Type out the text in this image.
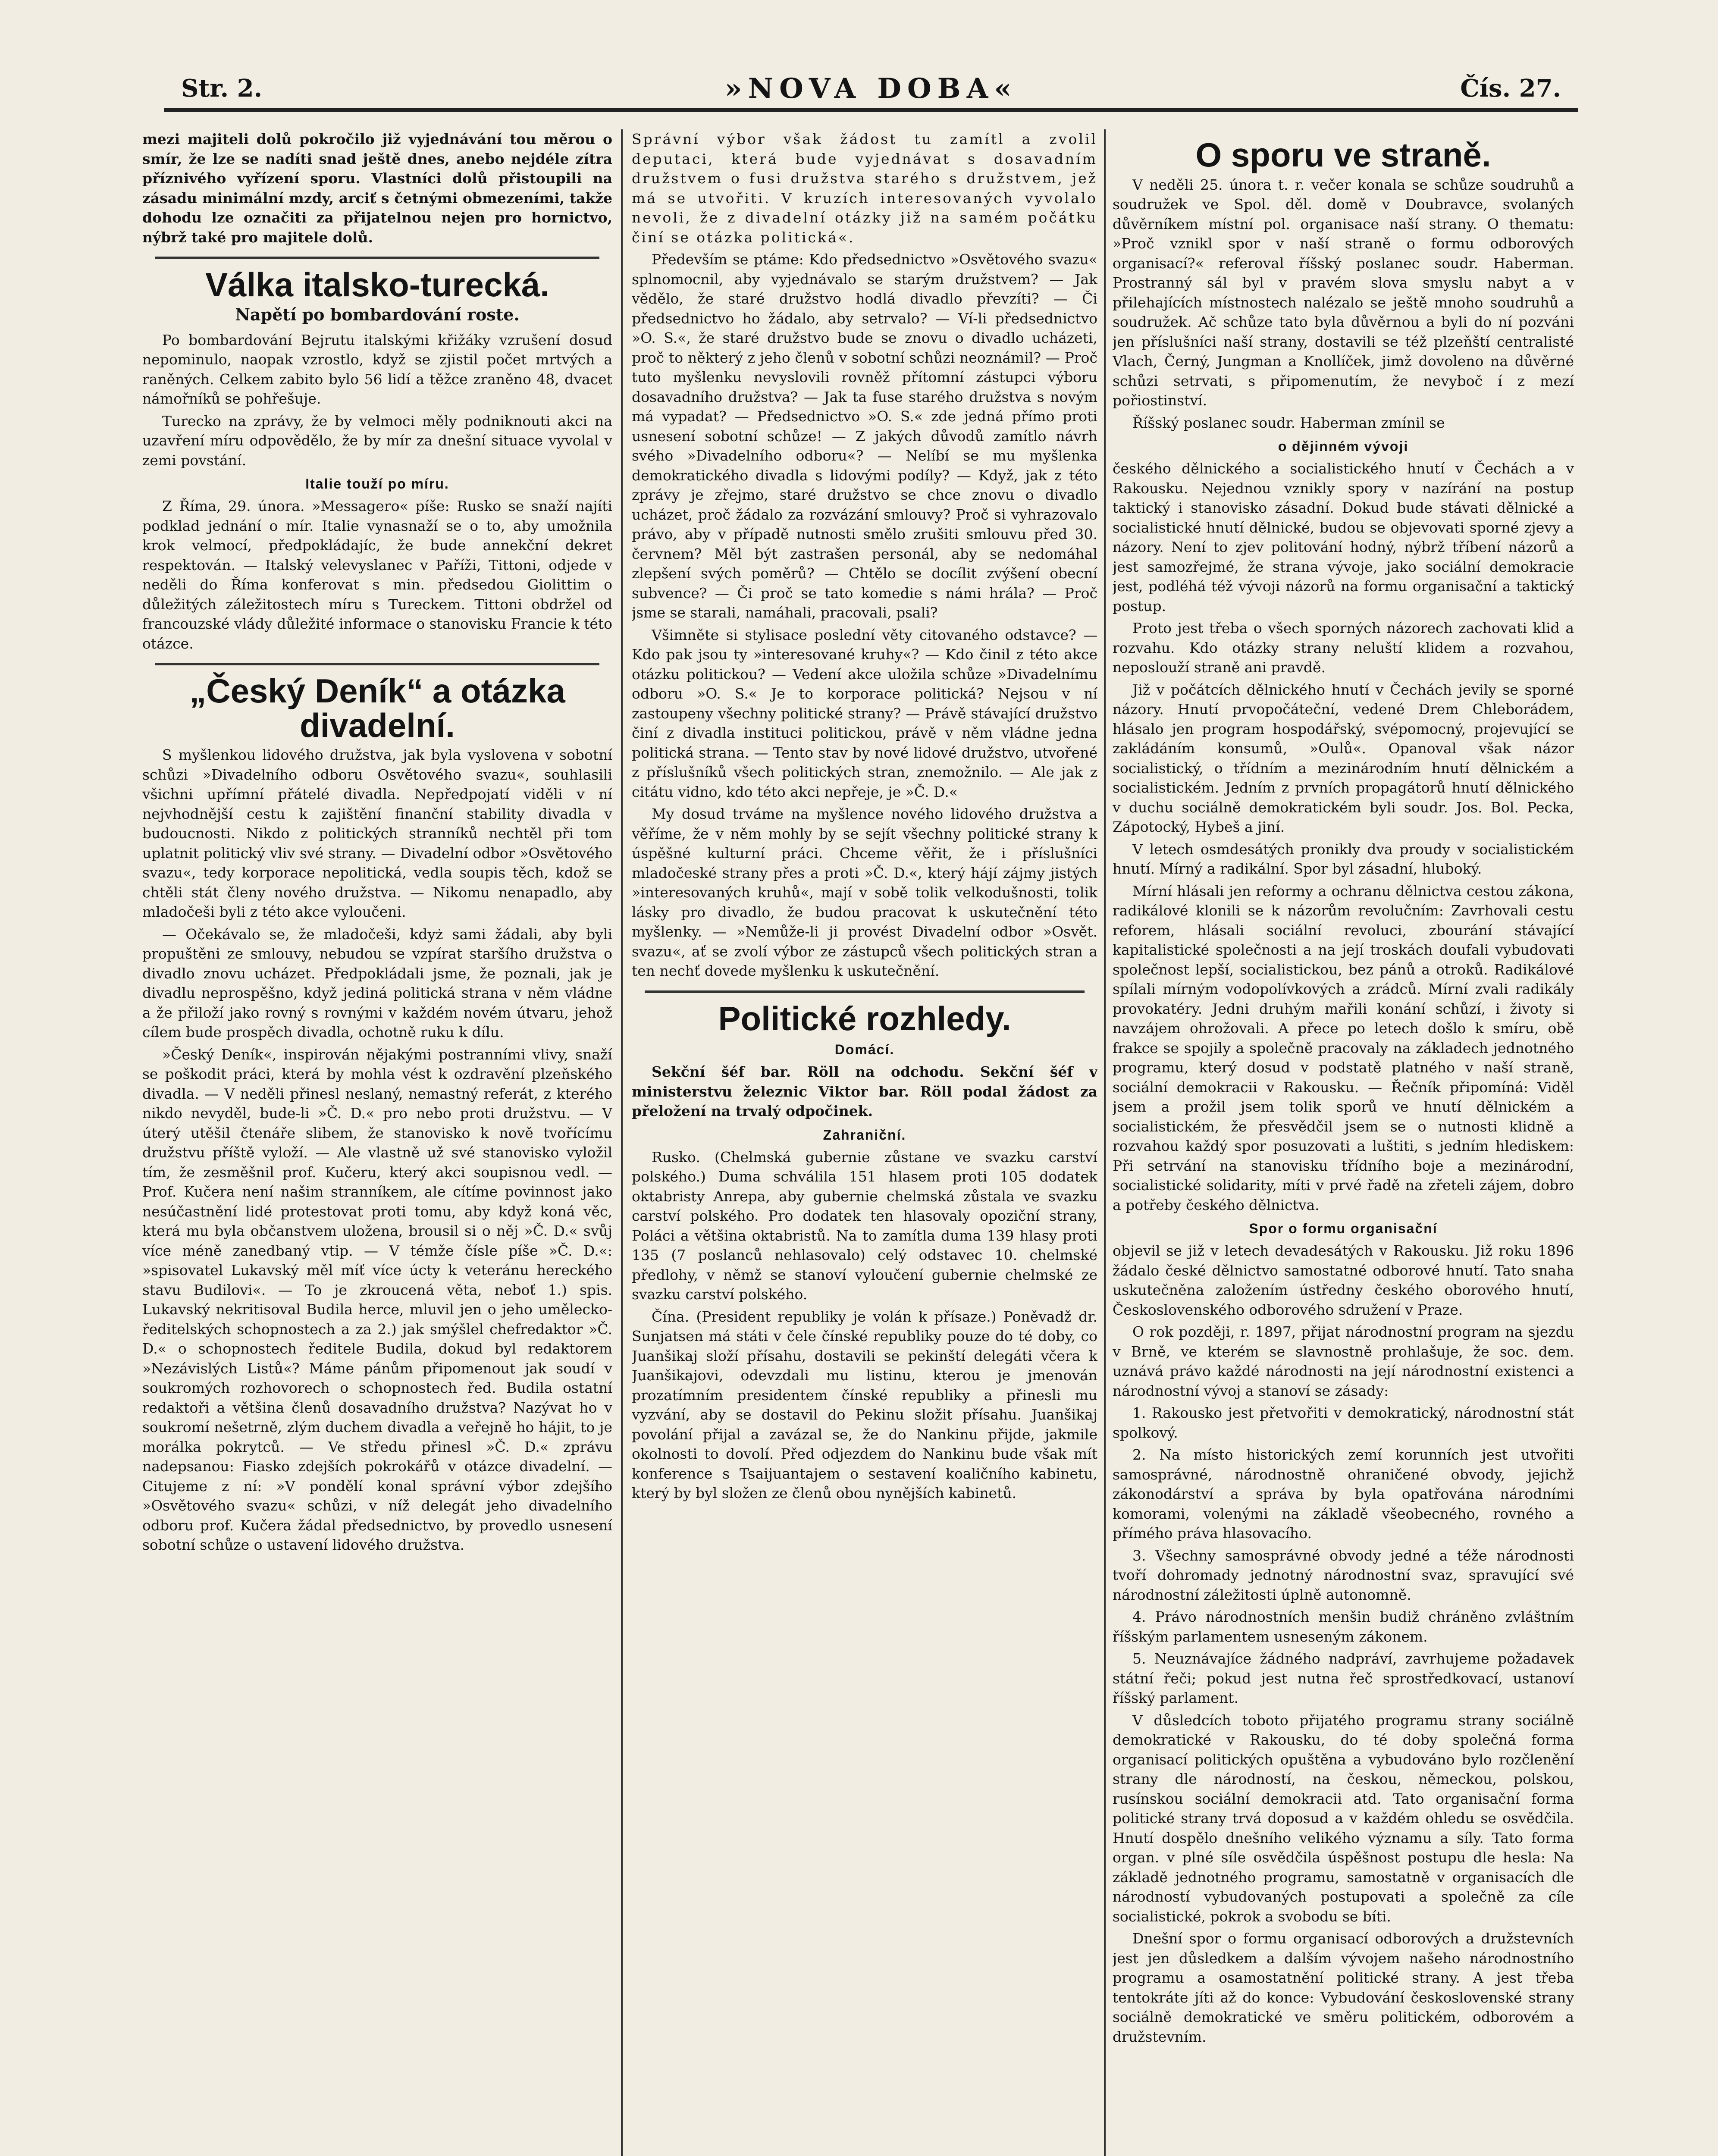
Str. 2.	»NOVA DOBA«	Čís. 27.

mezi majiteli dolů pokročilo již vyjednávání tou měrou o smír, že lze se nadíti snad ještě dnes, anebo nejdéle zítra příznivého vyřízení sporu. Vlastníci dolů přistoupili na zásadu minimální mzdy, arciť s četnými obmezeními, takže dohodu lze označiti za přijatelnou nejen pro hornictvo, nýbrž také pro majitele dolů.

Válka italsko-turecká.
Napětí po bombardování roste.

Po bombardování Bejrutu italskými křižáky vzrušení dosud nepominulo, naopak vzrostlo, když se zjistil počet mrtvých a raněných. Celkem zabito bylo 56 lidí a těžce zraněno 48, dvacet námořníků se pohřešuje.

Turecko na zprávy, že by velmoci měly podniknouti akci na uzavření míru odpovědělo, že by mír za dnešní situace vyvolal v zemi povstání.

Italie touží po míru.

Z Říma, 29. února. »Messagero« píše: Rusko se snaží najíti podklad jednání o mír. Italie vynasnaží se o to, aby umožnila krok velmocí, předpokládajíc, že bude annekční dekret respektován. — Italský velevyslanec v Paříži, Tittoni, odjede v neděli do Říma konferovat s min. předsedou Giolittim o důležitých záležitostech míru s Tureckem. Tittoni obdržel od francouzské vlády důležité informace o stanovisku Francie k této otázce.

„Český Deník“ a otázka divadelní.

S myšlenkou lidového družstva, jak byla vyslovena v sobotní schůzi »Divadelního odboru Osvětového svazu«, souhlasili všichni upřímní přátelé divadla. Nepředpojatí viděli v ní nejvhodnější cestu k zajištění finanční stability divadla v budoucnosti. Nikdo z politických stranníků nechtěl při tom uplatnit politický vliv své strany. — Divadelní odbor »Osvětového svazu«, tedy korporace nepolitická, vedla soupis těch, kdož se chtěli stát členy nového družstva. — Nikomu nenapadlo, aby mladočeši byli z této akce vyloučeni.

— Očekávalo se, že mladočeši, kdyż sami žádali, aby byli propuštěni ze smlouvy, nebudou se vzpírat staršího družstva o divadlo znovu ucházet. Předpokládali jsme, že poznali, jak je divadlu neprospěšno, když jediná politická strana v něm vládne a že přiloží jako rovný s rovnými v každém novém útvaru, jehož cílem bude prospěch divadla, ochotně ruku k dílu.

»Český Deník«, inspirován nějakými postranními vlivy, snaží se poškodit práci, která by mohla vést k ozdravění plzeňského divadla. — V neděli přinesl neslaný, nemastný referát, z kterého nikdo nevyděl, bude-li »Č. D.« pro nebo proti družstvu. — V úterý utěšil čtenáře slibem, že stanovisko k nově tvořícímu družstvu příště vyloží. — Ale vlastně už své stanovisko vyložil tím, že zesměšnil prof. Kučeru, který akci soupisnou vedl. — Prof. Kučera není našim stranníkem, ale cítíme povinnost jako nesúčastnění lidé protestovat proti tomu, aby když koná věc, která mu byla občanstvem uložena, brousil si o něj »Č. D.« svůj více méně zanedbaný vtip. — V témže čísle píše »Č. D.«: »spisovatel Lukavský měl míť více úcty k veteránu hereckého stavu Budilovi«. — To je zkroucená věta, neboť 1.) spis. Lukavský nekritisoval Budila herce, mluvil jen o jeho umělecko-ředitelských schopnostech a za 2.) jak smýšlel chefredaktor »Č. D.« o schopnostech ředitele Budila, dokud byl redaktorem »Nezávislých Listů«? Máme pánům připomenout jak soudí v soukromých rozhovorech o schopnostech řed. Budila ostatní redaktoři a většina členů dosavadního družstva? Nazývat ho v soukromí nešetrně, zlým duchem divadla a veřejně ho hájit, to je morálka pokrytců. — Ve středu přinesl »Č. D.« zprávu nadepsanou: Fiasko zdejších pokrokářů v otázce divadelní. — Citujeme z ní: »V pondělí konal správní výbor zdejšího »Osvětového svazu« schůzi, v níž delegát jeho divadelního odboru prof. Kučera žádal předsednictvo, by provedlo usnesení sobotní schůze o ustavení lidového družstva.

Správní výbor však žádost tu zamítl a zvolil deputaci, která bude vyjednávat s dosavadním družstvem o fusi družstva starého s družstvem, jež má se utvořiti. V kruzích interesovaných vyvolalo nevoli, že z divadelní otázky již na samém počátku činí se otázka politická«.

Především se ptáme: Kdo předsednictvo »Osvětového svazu« splnomocnil, aby vyjednávalo se starým družstvem? — Jak vědělo, že staré družstvo hodlá divadlo převzíti? — Či předsednictvo ho žádalo, aby setrvalo? — Ví-li předsednictvo »O. S.«, že staré družstvo bude se znovu o divadlo ucházeti, proč to některý z jeho členů v sobotní schůzi neoznámil? — Proč tuto myšlenku nevyslovili rovněž přítomní zástupci výboru dosavadního družstva? — Jak ta fuse starého družstva s novým má vypadat? — Předsednictvo »O. S.« zde jedná přímo proti usnesení sobotní schůze! — Z jakých důvodů zamítlo návrh svého »Divadelního odboru«? — Nelíbí se mu myšlenka demokratického divadla s lidovými podíly? — Když, jak z této zprávy je zřejmo, staré družstvo se chce znovu o divadlo ucházet, proč žádalo za rozvázání smlouvy? Proč si vyhrazovalo právo, aby v případě nutnosti smělo zrušiti smlouvu před 30. červnem? Měl být zastrašen personál, aby se nedomáhal zlepšení svých poměrů? — Chtělo se docílit zvýšení obecní subvence? — Či proč se tato komedie s námi hrála? — Proč jsme se starali, namáhali, pracovali, psali?

Všimněte si stylisace poslední věty citovaného odstavce? — Kdo pak jsou ty »interesované kruhy«? — Kdo činil z této akce otázku politickou? — Vedení akce uložila schůze »Divadelnímu odboru »O. S.« Je to korporace politická? Nejsou v ní zastoupeny všechny politické strany? — Právě stávající družstvo činí z divadla instituci politickou, právě v něm vládne jedna politická strana. — Tento stav by nové lidové družstvo, utvořené z příslušníků všech politických stran, znemožnilo. — Ale jak z citátu vidno, kdo této akci nepřeje, je »Č. D.«

My dosud trváme na myšlence nového lidového družstva a věříme, že v něm mohly by se sejít všechny politické strany k úspěšné kulturní práci. Chceme věřit, že i příslušníci mladočeské strany přes a proti »Č. D.«, který hájí zájmy jistých »interesovaných kruhů«, mají v sobě tolik velkodušnosti, tolik lásky pro divadlo, že budou pracovat k uskutečnění této myšlenky. — »Nemůže-li ji provést Divadelní odbor »Osvět. svazu«, ať se zvolí výbor ze zástupců všech politických stran a ten nechť dovede myšlenku k uskutečnění.

Politické rozhledy.
Domácí.

Sekční šéf bar. Röll na odchodu. Sekční šéf v ministerstvu železnic Viktor bar. Röll podal žádost za přeložení na trvalý odpočinek.

Zahraniční.

Rusko. (Chelmská gubernie zůstane ve svazku carství polského.) Duma schválila 151 hlasem proti 105 dodatek oktabristy Anrepa, aby gubernie chelmská zůstala ve svazku carství polského. Pro dodatek ten hlasovaly opoziční strany, Poláci a většina oktabristů. Na to zamítla duma 139 hlasy proti 135 (7 poslanců nehlasovalo) celý odstavec 10. chelmské předlohy, v němž se stanoví vyloučení gubernie chelmské ze svazku carství polského.

Čína. (President republiky je volán k přísaze.) Poněvadž dr. Sunjatsen má státi v čele čínské republiky pouze do té doby, co Juanšikaj složí přísahu, dostavili se pekinští delegáti včera k Juanšikajovi, odevzdali mu listinu, kterou je jmenován prozatímním presidentem čínské republiky a přinesli mu vyzvání, aby se dostavil do Pekinu složit přísahu. Juanšikaj povolání přijal a zavázal se, že do Nankinu přijde, jakmile okolnosti to dovolí. Před odjezdem do Nankinu bude však mít konference s Tsaijuantajem o sestavení koaličního kabinetu, který by byl složen ze členů obou nynějších kabinetů.

O sporu ve straně.

V neděli 25. února t. r. večer konala se schůze soudruhů a soudružek ve Spol. děl. domě v Doubravce, svolaných důvěrníkem místní pol. organisace naší strany. O thematu: »Proč vznikl spor v naší straně o formu odborových organisací?« referoval říšský poslanec soudr. Haberman. Prostranný sál byl v pravém slova smyslu nabyt a v přilehajících místnostech nalézalo se ještě mnoho soudruhů a soudružek. Ač schůze tato byla důvěrnou a byli do ní pozváni jen příslušníci naší strany, dostavili se též plzeňští centralisté Vlach, Černý, Jungman a Knollíček, jimž dovoleno na důvěrné schůzi setrvati, s připomenutím, že nevyboč í z mezí pořiostinství.

Říšský poslanec soudr. Haberman zmínil se

o dějinném vývoji

českého dělnického a socialistického hnutí v Čechách a v Rakousku. Nejednou vznikly spory v nazírání na postup taktický i stanovisko zásadní. Dokud bude stávati dělnické a socialistické hnutí dělnické, budou se objevovati sporné zjevy a názory. Není to zjev politování hodný, nýbrž tříbení názorů a jest samozřejmé, že strana vývoje, jako sociální demokracie jest, podléhá též vývoji názorů na formu organisační a taktický postup.

Proto jest třeba o všech sporných názorech zachovati klid a rozvahu. Kdo otázky strany neluští klidem a rozvahou, neposlouží straně ani pravdě.

Již v počátcích dělnického hnutí v Čechách jevily se sporné názory. Hnutí prvopočáteční, vedené Drem Chleborádem, hlásalo jen program hospodářský, svépomocný, projevující se zakládáním konsumů, »Oulů«. Opanoval však názor socialistický, o třídním a mezinárodním hnutí dělnickém a socialistickém. Jedním z prvních propagátorů hnutí dělnického v duchu sociálně demokratickém byli soudr. Jos. Bol. Pecka, Zápotocký, Hybeš a jiní.

V letech osmdesátých pronikly dva proudy v socialistickém hnutí. Mírný a radikální. Spor byl zásadní, hluboký.

Mírní hlásali jen reformy a ochranu dělnictva cestou zákona, radikálové klonili se k názorům revolučním: Zavrhovali cestu reforem, hlásali sociální revoluci, zbourání stávající kapitalistické společnosti a na její troskách doufali vybudovati společnost lepší, socialistickou, bez pánů a otroků. Radikálové spílali mírným vodopolívkových a zrádců. Mírní zvali radikály provokatéry. Jedni druhým mařili konání schůzí, i životy si navzájem ohrožovali. A přece po letech došlo k smíru, obě frakce se spojily a společně pracovaly na základech jednotného programu, který dosud v podstatě platného v naší straně, sociální demokracii v Rakousku. — Řečník připomíná: Viděl jsem a prožil jsem tolik sporů ve hnutí dělnickém a socialistickém, že přesvědčil jsem se o nutnosti klidně a rozvahou každý spor posuzovati a luštiti, s jedním hlediskem: Při setrvání na stanovisku třídního boje a mezinárodní, socialistické solidarity, míti v prvé řadě na zřeteli zájem, dobro a potřeby českého dělnictva.

Spor o formu organisační

objevil se již v letech devadesátých v Rakousku. Již roku 1896 žádalo české dělnictvo samostatné odborové hnutí. Tato snaha uskutečněna založením ústředny českého oborového hnutí, Československého odborového sdružení v Praze.

O rok později, r. 1897, přijat národnostní program na sjezdu v Brně, ve kterém se slavnostně prohlašuje, že soc. dem. uznává právo každé národnosti na její národnostní existenci a národnostní vývoj a stanoví se zásady:

1. Rakousko jest přetvořiti v demokratický, národnostní stát spolkový.

2. Na místo historických zemí korunních jest utvořiti samosprávné, národnostně ohraničené obvody, jejichž zákonodárství a správa by byla opatřována národními komorami, volenými na základě všeobecného, rovného a přímého práva hlasovacího.

3. Všechny samosprávné obvody jedné a téže národnosti tvoří dohromady jednotný národnostní svaz, spravující své národnostní záležitosti úplně autonomně.

4. Právo národnostních menšin budiž chráněno zvláštním říšským parlamentem usneseným zákonem.

5. Neuznávajíce žádného nadpráví, zavrhujeme požadavek státní řeči; pokud jest nutna řeč sprostředkovací, ustanoví říšský parlament.

V důsledcích toboto přijatého programu strany sociálně demokratické v Rakousku, do té doby společná forma organisací politických opuštěna a vybudováno bylo rozčlenění strany dle národností, na českou, německou, polskou, rusínskou sociální demokracii atd. Tato organisační forma politické strany trvá doposud a v každém ohledu se osvědčila. Hnutí dospělo dnešního velikého významu a síly. Tato forma organ. v plné síle osvědčila úspěšnost postupu dle hesla: Na základě jednotného programu, samostatně v organisacích dle národností vybudovaných postupovati a společně za cíle socialistické, pokrok a svobodu se bíti.

Dnešní spor o formu organisací odborových a družstevních jest jen důsledkem a dalším vývojem našeho národnostního programu a osamostatnění politické strany. A jest třeba tentokráte jíti až do konce: Vybudování československé strany sociálně demokratické ve směru politickém, odborovém a družstevním.
